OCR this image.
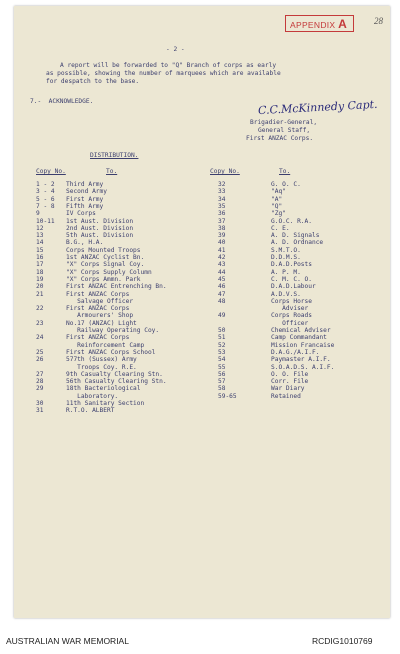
APPENDIX A	28
- 2 -
A report will be forwarded to "Q" Branch of corps as early
as possible, showing the number of marquees which are available
for despatch to the base.
7.-  ACKNOWLEDGE.	C.C.McKinnedy Capt.
Brigadier-General,
General Staff,
First ANZAC Corps.
DISTRIBUTION.
Copy No.	To.	Copy No.	To.
1 - 2 Third Army
3 - 4 Second Army
5 - 6 First Army
7 - 8 Fifth Army
9	IV Corps
10-11 1st Aust. Division
12	2nd Aust. Division
13	5th Aust. Division
14	B.G., H.A.
15	Corps Mounted Troops
16	1st ANZAC Cyclist Bn.
17	"X" Corps Signal Coy.
18	"X" Corps Supply Column
19	"X" Corps Ammn. Park
20	First ANZAC Entrenching Bn.
21	First ANZAC Corps
Salvage Officer
22	First ANZAC Corps
Armourers' Shop
23	No.17 (ANZAC) Light
Railway Operating Coy.
24	First ANZAC Corps
Reinforcement Camp
25	First ANZAC Corps School
26	577th (Sussex) Army
Troops Coy. R.E.
27	9th Casualty Clearing Stn.
28	56th Casualty Clearing Stn.
29	18th Bacteriological
Laboratory.
30	11th Sanitary Section
31	R.T.O. ALBERT
32	G. O. C.
33	"Aq"
34	"A"
35	"Q"
36	"Zg"
37	G.O.C. R.A.
38	C. E.
39	A. D. Signals
40	A. D. Ordnance
41	S.M.T.O.
42	D.D.M.S.
43	D.A.D.Posts
44	A. P. M.
45	C. M. C. O.
46	D.A.D.Labour
47	A.D.V.S.
48	Corps Horse
Adviser
49	Corps Roads
Officer
50	Chemical Adviser
51	Camp Commandant
52	Mission Francaise
53	D.A.G./A.I.F.
54	Paymaster A.I.F.
55	S.O.A.D.S. A.I.F.
56	O. O. File
57	Corr. File
58	War Diary
59-65	Retained
AUSTRALIAN WAR MEMORIAL	RCDIG1010769
